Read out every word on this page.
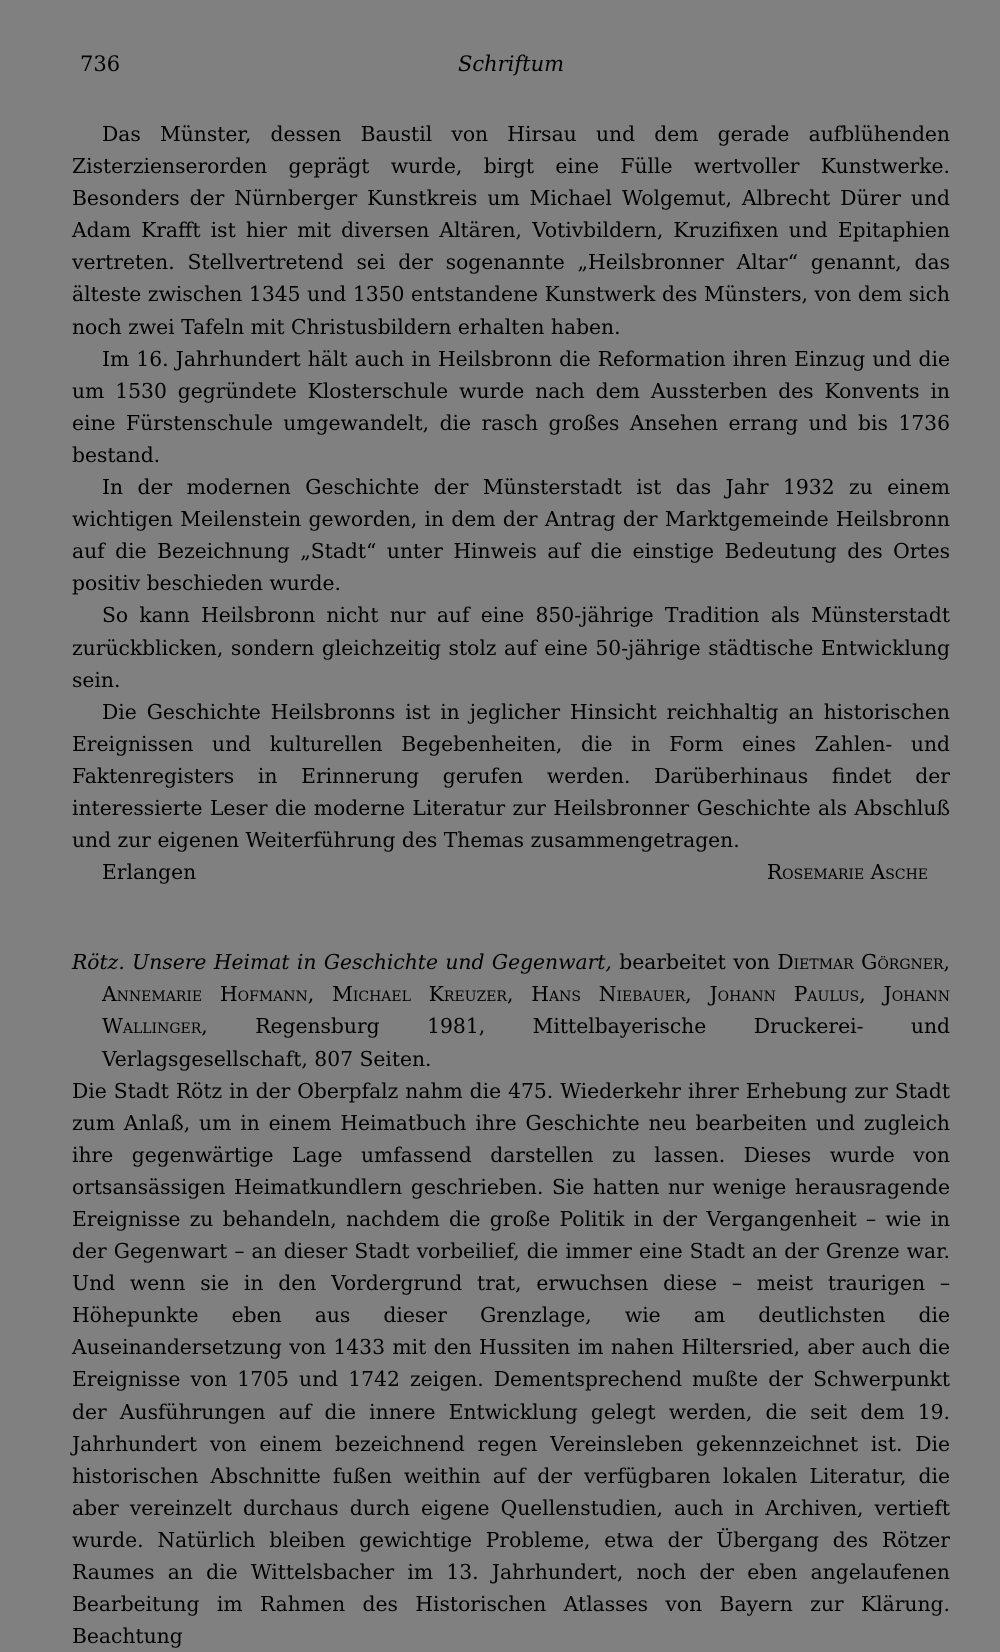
736	Schriftum

Das Münster, dessen Baustil von Hirsau und dem gerade aufblühenden Zisterzienserorden geprägt wurde, birgt eine Fülle wertvoller Kunstwerke. Besonders der Nürnberger Kunstkreis um Michael Wolgemut, Albrecht Dürer und Adam Krafft ist hier mit diversen Altären, Votivbildern, Kruzifixen und Epitaphien vertreten. Stellvertretend sei der sogenannte „Heilsbronner Altar“ genannt, das älteste zwischen 1345 und 1350 entstandene Kunstwerk des Münsters, von dem sich noch zwei Tafeln mit Christusbildern erhalten haben.

Im 16. Jahrhundert hält auch in Heilsbronn die Reformation ihren Einzug und die um 1530 gegründete Klosterschule wurde nach dem Aussterben des Konvents in eine Fürstenschule umgewandelt, die rasch großes Ansehen errang und bis 1736 bestand.

In der modernen Geschichte der Münsterstadt ist das Jahr 1932 zu einem wichtigen Meilenstein geworden, in dem der Antrag der Marktgemeinde Heilsbronn auf die Bezeichnung „Stadt“ unter Hinweis auf die einstige Bedeutung des Ortes positiv beschieden wurde.

So kann Heilsbronn nicht nur auf eine 850-jährige Tradition als Münsterstadt zurückblicken, sondern gleichzeitig stolz auf eine 50-jährige städtische Entwicklung sein.

Die Geschichte Heilsbronns ist in jeglicher Hinsicht reichhaltig an historischen Ereignissen und kulturellen Begebenheiten, die in Form eines Zahlen- und Faktenregisters in Erinnerung gerufen werden. Darüberhinaus findet der interessierte Leser die moderne Literatur zur Heilsbronner Geschichte als Abschluß und zur eigenen Weiterführung des Themas zusammengetragen.

Erlangen	Rosemarie Asche

Rötz. Unsere Heimat in Geschichte und Gegenwart, bearbeitet von Dietmar Görgner, Annemarie Hofmann, Michael Kreuzer, Hans Niebauer, Johann Paulus, Johann Wallinger, Regensburg 1981, Mittelbayerische Druckerei- und Verlagsgesellschaft, 807 Seiten.

Die Stadt Rötz in der Oberpfalz nahm die 475. Wiederkehr ihrer Erhebung zur Stadt zum Anlaß, um in einem Heimatbuch ihre Geschichte neu bearbeiten und zugleich ihre gegenwärtige Lage umfassend darstellen zu lassen. Dieses wurde von ortsansässigen Heimatkundlern geschrieben. Sie hatten nur wenige herausragende Ereignisse zu behandeln, nachdem die große Politik in der Vergangenheit – wie in der Gegenwart – an dieser Stadt vorbeilief, die immer eine Stadt an der Grenze war. Und wenn sie in den Vordergrund trat, erwuchsen diese – meist traurigen – Höhepunkte eben aus dieser Grenzlage, wie am deutlichsten die Auseinandersetzung von 1433 mit den Hussiten im nahen Hiltersried, aber auch die Ereignisse von 1705 und 1742 zeigen. Dementsprechend mußte der Schwerpunkt der Ausführungen auf die innere Entwicklung gelegt werden, die seit dem 19. Jahrhundert von einem bezeichnend regen Vereinsleben gekennzeichnet ist. Die historischen Abschnitte fußen weithin auf der verfügbaren lokalen Literatur, die aber vereinzelt durchaus durch eigene Quellenstudien, auch in Archiven, vertieft wurde. Natürlich bleiben gewichtige Probleme, etwa der Übergang des Rötzer Raumes an die Wittelsbacher im 13. Jahrhundert, noch der eben angelaufenen Bearbeitung im Rahmen des Historischen Atlasses von Bayern zur Klärung. Beachtung
